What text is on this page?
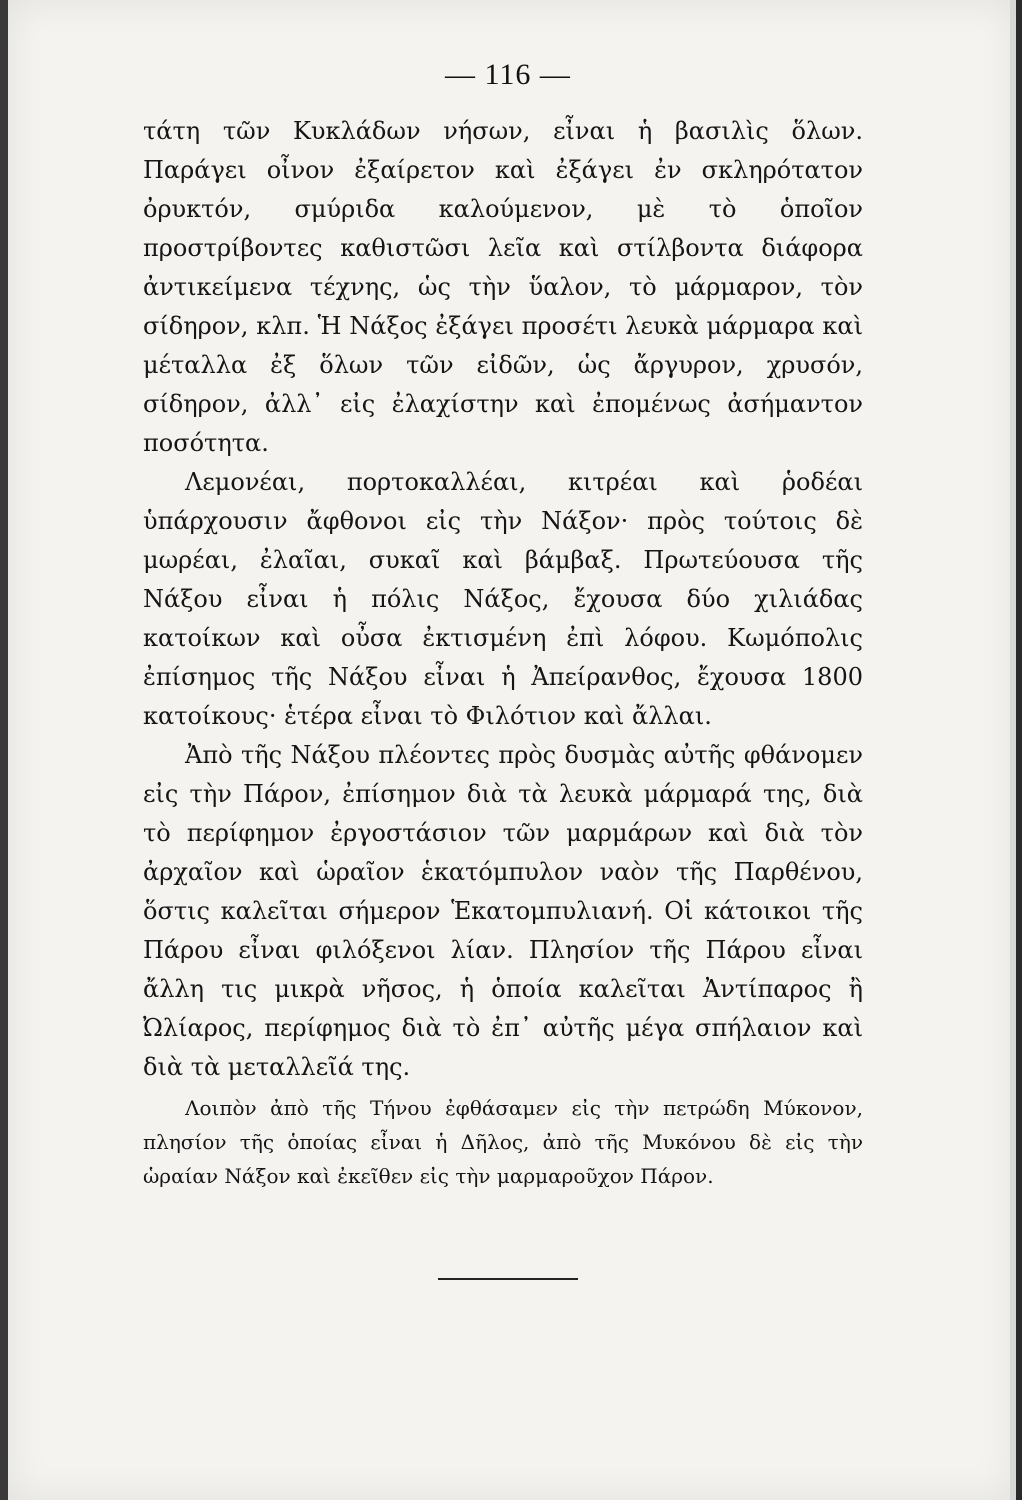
— 116 —

τάτη τῶν Κυκλάδων νήσων, εἶναι ἡ βασιλὶς ὅλων. Παράγει οἶνον ἐξαίρετον καὶ ἐξάγει ἐν σκληρότατον ὀρυκτόν, σμύριδα καλούμενον, μὲ τὸ ὁποῖον προστρίβοντες καθιστῶσι λεῖα καὶ στίλβοντα διάφορα ἀντικείμενα τέχνης, ὡς τὴν ὕαλον, τὸ μάρμαρον, τὸν σίδηρον, κλπ. Ἡ Νάξος ἐξάγει προσέτι λευκὰ μάρμαρα καὶ μέταλλα ἐξ ὅλων τῶν εἰδῶν, ὡς ἄργυρον, χρυσόν, σίδηρον, ἀλλ᾽ εἰς ἐλαχίστην καὶ ἐπομένως ἀσήμαντον ποσότητα.

Λεμονέαι, πορτοκαλλέαι, κιτρέαι καὶ ῥοδέαι ὑπάρχουσιν ἄφθονοι εἰς τὴν Νάξον· πρὸς τούτοις δὲ μωρέαι, ἐλαῖαι, συκαῖ καὶ βάμβαξ. Πρωτεύουσα τῆς Νάξου εἶναι ἡ πόλις Νάξος, ἔχουσα δύο χιλιάδας κατοίκων καὶ οὖσα ἐκτισμένη ἐπὶ λόφου. Κωμόπολις ἐπίσημος τῆς Νάξου εἶναι ἡ Ἀπείρανθος, ἔχουσα 1800 κατοίκους· ἑτέρα εἶναι τὸ Φιλότιον καὶ ἄλλαι.

Ἀπὸ τῆς Νάξου πλέοντες πρὸς δυσμὰς αὐτῆς φθάνομεν εἰς τὴν Πάρον, ἐπίσημον διὰ τὰ λευκὰ μάρμαρά της, διὰ τὸ περίφημον ἐργοστάσιον τῶν μαρμάρων καὶ διὰ τὸν ἀρχαῖον καὶ ὡραῖον ἑκατόμπυλον ναὸν τῆς Παρθένου, ὅστις καλεῖται σήμερον Ἑκατομπυλιανή. Οἱ κάτοικοι τῆς Πάρου εἶναι φιλόξενοι λίαν. Πλησίον τῆς Πάρου εἶναι ἄλλη τις μικρὰ νῆσος, ἡ ὁποία καλεῖται Ἀντίπαρος ἢ Ὠλίαρος, περίφημος διὰ τὸ ἐπ᾽ αὐτῆς μέγα σπήλαιον καὶ διὰ τὰ μεταλλεῖά της.

Λοιπὸν ἀπὸ τῆς Τήνου ἐφθάσαμεν εἰς τὴν πετρώδη Μύκονον, πλησίον τῆς ὁποίας εἶναι ἡ Δῆλος, ἀπὸ τῆς Μυκόνου δὲ εἰς τὴν ὡραίαν Νάξον καὶ ἐκεῖθεν εἰς τὴν μαρμαροῦχον Πάρον.
